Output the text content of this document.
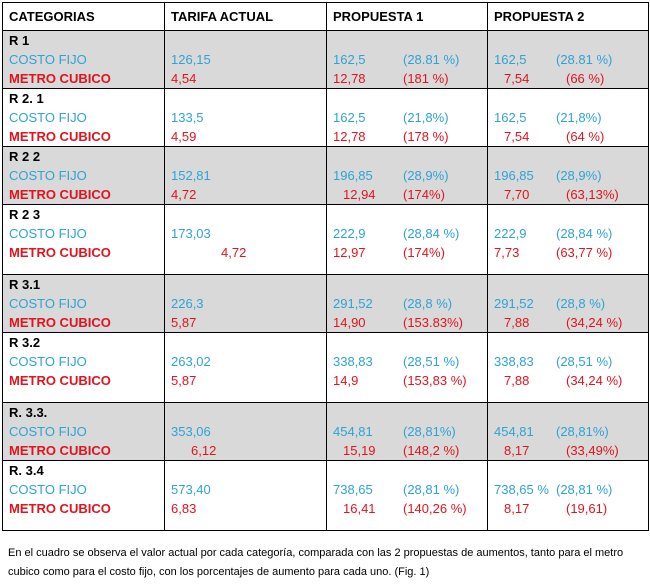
CATEGORIAS	TARIFA ACTUAL	PROPUESTA 1	PROPUESTA 2
R 1			
COSTO FIJO	126,15	162,5 (28.81 %)	162,5 (28.81 %)
METRO CUBICO	4,54	12,78 (181 %)	7,54 (66 %)
R 2. 1			
COSTO FIJO	133,5	162,5 (21,8%)	162,5 (21,8%)
METRO CUBICO	4,59	12,78 (178 %)	7,54 (64 %)
R 2 2			
COSTO FIJO	152,81	196,85 (28,9%)	196,85 (28,9%)
METRO CUBICO	4,72	12,94 (174%)	7,70 (63,13%)
R 2 3			
COSTO FIJO	173,03	222,9 (28,84 %)	222,9 (28,84 %)
METRO CUBICO	4,72	12,97 (174%)	7,73 (63,77 %)

R 3.1			
COSTO FIJO	226,3	291,52 (28,8 %)	291,52 (28,8 %)
METRO CUBICO	5,87	14,90 (153.83%)	7,88 (34,24 %)
R 3.2			
COSTO FIJO	263,02	338,83 (28,51 %)	338,83 (28,51 %)
METRO CUBICO	5,87	14,9 (153,83 %)	7,88 (34,24 %)

R. 3.3.			
COSTO FIJO	353,06	454,81 (28,81%)	454,81 (28,81%)
METRO CUBICO	6,12	15,19 (148,2 %)	8,17 (33,49%)
R. 3.4			
COSTO FIJO	573,40	738,65 (28,81 %)	738,65 % (28,81 %)
METRO CUBICO	6,83	16,41 (140,26 %)	8,17 (19,61)

En el cuadro se observa el valor actual por cada categoría, comparada con las 2 propuestas de aumentos, tanto para el metro cubico como para el costo fijo, con los porcentajes de aumento para cada uno. (Fig. 1)
